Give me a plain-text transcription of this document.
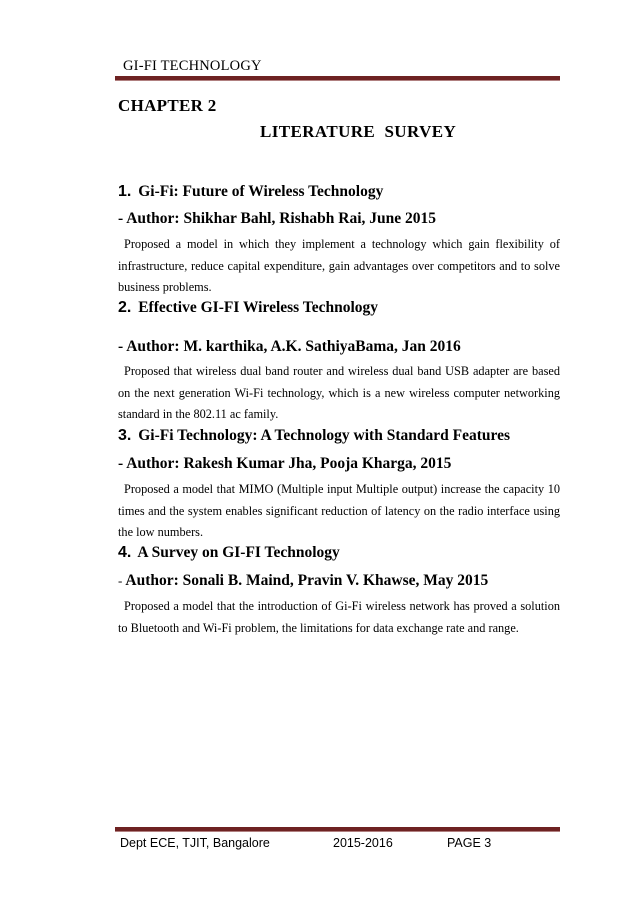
GI-FI TECHNOLOGY
CHAPTER 2
LITERATURE  SURVEY
1. Gi-Fi: Future of Wireless Technology
- Author: Shikhar Bahl, Rishabh Rai, June 2015
Proposed a model in which they implement a technology which gain flexibility of infrastructure, reduce capital expenditure, gain advantages over competitors and to solve business problems.
2. Effective GI-FI Wireless Technology
- Author: M. karthika, A.K. SathiyaBama, Jan 2016
Proposed that wireless dual band router and wireless dual band USB adapter are based on the next generation Wi-Fi technology, which is a new wireless computer networking standard in the 802.11 ac family.
3. Gi-Fi Technology: A Technology with Standard Features
- Author: Rakesh Kumar Jha, Pooja Kharga, 2015
Proposed a model that MIMO (Multiple input Multiple output) increase the capacity 10 times and the system enables significant reduction of latency on the radio interface using the low numbers.
4. A Survey on GI-FI Technology
- Author: Sonali B. Maind, Pravin V. Khawse, May 2015
Proposed a model that the introduction of Gi-Fi wireless network has proved a solution to Bluetooth and Wi-Fi problem, the limitations for data exchange rate and range.
Dept ECE, TJIT, Bangalore	2015-2016	PAGE 3
